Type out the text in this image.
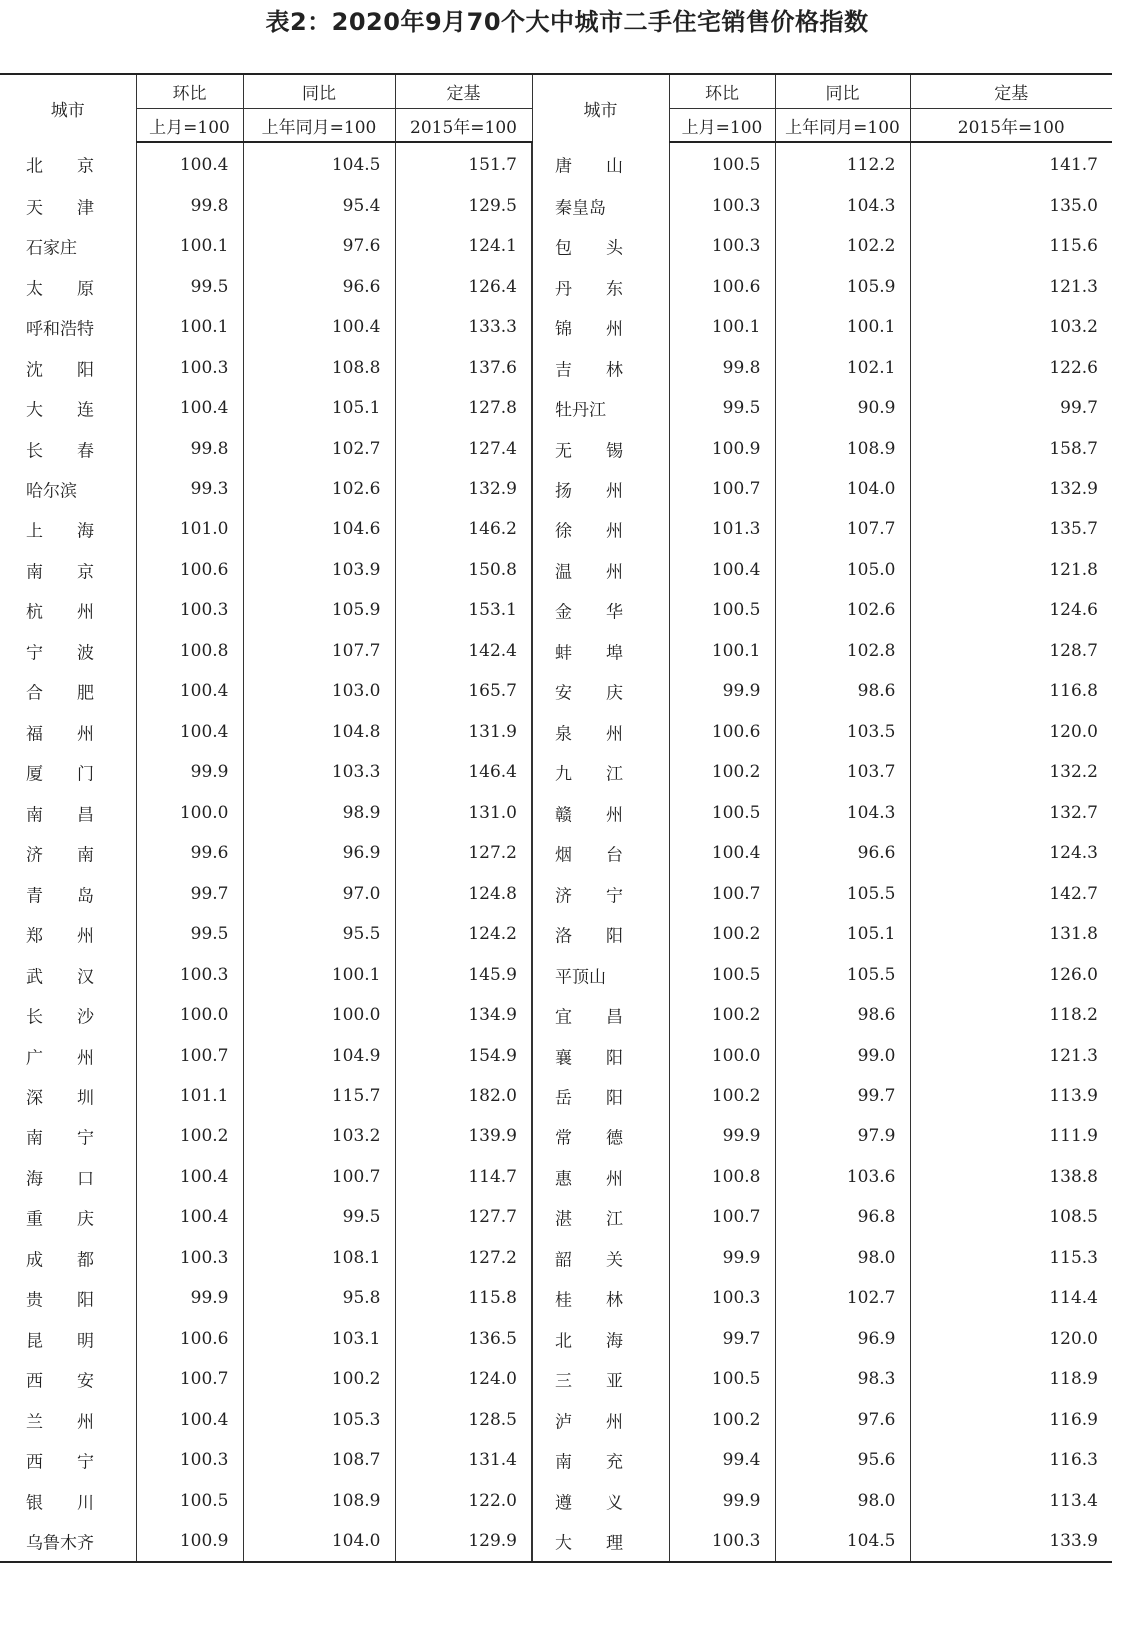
表2：2020年9月70个大中城市二手住宅销售价格指数
城市	环比	同比	定基	城市	环比	同比	定基
	上月=100	上年同月=100	2015年=100		上月=100	上年同月=100	2015年=100

北　　京	100.4	104.5	151.7	唐　　山	100.5	112.2	141.7

天　　津	99.8	95.4	129.5	秦皇岛	100.3	104.3	135.0

石家庄	100.1	97.6	124.1	包　　头	100.3	102.2	115.6

太　　原	99.5	96.6	126.4	丹　　东	100.6	105.9	121.3

呼和浩特	100.1	100.4	133.3	锦　　州	100.1	100.1	103.2

沈　　阳	100.3	108.8	137.6	吉　　林	99.8	102.1	122.6

大　　连	100.4	105.1	127.8	牡丹江	99.5	90.9	99.7

长　　春	99.8	102.7	127.4	无　　锡	100.9	108.9	158.7

哈尔滨	99.3	102.6	132.9	扬　　州	100.7	104.0	132.9

上　　海	101.0	104.6	146.2	徐　　州	101.3	107.7	135.7

南　　京	100.6	103.9	150.8	温　　州	100.4	105.0	121.8

杭　　州	100.3	105.9	153.1	金　　华	100.5	102.6	124.6

宁　　波	100.8	107.7	142.4	蚌　　埠	100.1	102.8	128.7

合　　肥	100.4	103.0	165.7	安　　庆	99.9	98.6	116.8

福　　州	100.4	104.8	131.9	泉　　州	100.6	103.5	120.0

厦　　门	99.9	103.3	146.4	九　　江	100.2	103.7	132.2

南　　昌	100.0	98.9	131.0	赣　　州	100.5	104.3	132.7

济　　南	99.6	96.9	127.2	烟　　台	100.4	96.6	124.3

青　　岛	99.7	97.0	124.8	济　　宁	100.7	105.5	142.7

郑　　州	99.5	95.5	124.2	洛　　阳	100.2	105.1	131.8

武　　汉	100.3	100.1	145.9	平顶山	100.5	105.5	126.0

长　　沙	100.0	100.0	134.9	宜　　昌	100.2	98.6	118.2

广　　州	100.7	104.9	154.9	襄　　阳	100.0	99.0	121.3

深　　圳	101.1	115.7	182.0	岳　　阳	100.2	99.7	113.9

南　　宁	100.2	103.2	139.9	常　　德	99.9	97.9	111.9

海　　口	100.4	100.7	114.7	惠　　州	100.8	103.6	138.8

重　　庆	100.4	99.5	127.7	湛　　江	100.7	96.8	108.5

成　　都	100.3	108.1	127.2	韶　　关	99.9	98.0	115.3

贵　　阳	99.9	95.8	115.8	桂　　林	100.3	102.7	114.4

昆　　明	100.6	103.1	136.5	北　　海	99.7	96.9	120.0

西　　安	100.7	100.2	124.0	三　　亚	100.5	98.3	118.9

兰　　州	100.4	105.3	128.5	泸　　州	100.2	97.6	116.9

西　　宁	100.3	108.7	131.4	南　　充	99.4	95.6	116.3

银　　川	100.5	108.9	122.0	遵　　义	99.9	98.0	113.4

乌鲁木齐	100.9	104.0	129.9	大　　理	100.3	104.5	133.9
